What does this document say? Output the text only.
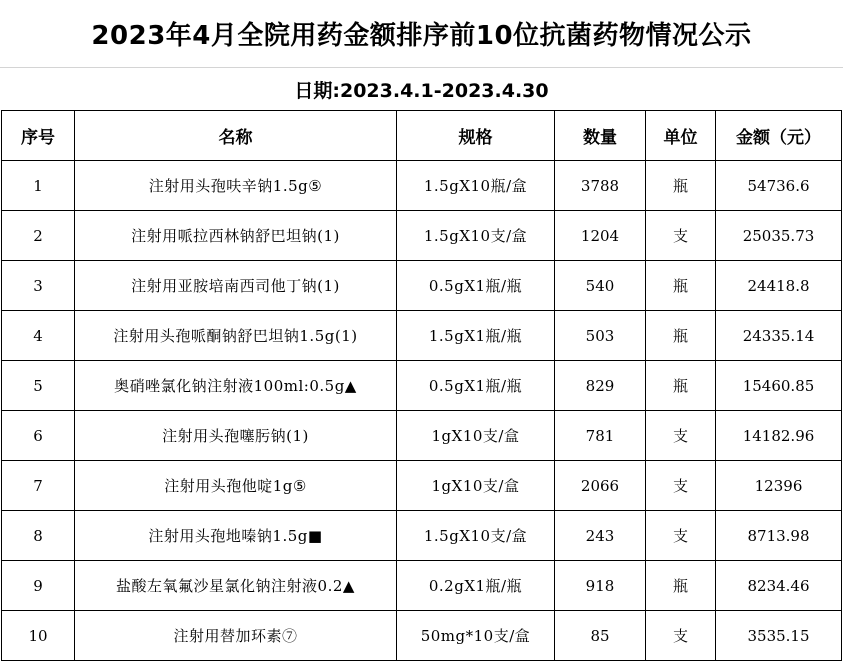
2023年4月全院用药金额排序前10位抗菌药物情况公示
日期:2023.4.1-2023.4.30
序号	名称	规格	数量	单位	金额（元）
1	注射用头孢呋辛钠1.5g⑤	1.5gX10瓶/盒	3788	瓶	54736.6
2	注射用哌拉西林钠舒巴坦钠(1)	1.5gX10支/盒	1204	支	25035.73
3	注射用亚胺培南西司他丁钠(1)	0.5gX1瓶/瓶	540	瓶	24418.8
4	注射用头孢哌酮钠舒巴坦钠1.5g(1)	1.5gX1瓶/瓶	503	瓶	24335.14
5	奥硝唑氯化钠注射液100ml:0.5g▲	0.5gX1瓶/瓶	829	瓶	15460.85
6	注射用头孢噻肟钠(1)	1gX10支/盒	781	支	14182.96
7	注射用头孢他啶1g⑤	1gX10支/盒	2066	支	12396
8	注射用头孢地嗪钠1.5g■	1.5gX10支/盒	243	支	8713.98
9	盐酸左氧氟沙星氯化钠注射液0.2▲	0.2gX1瓶/瓶	918	瓶	8234.46
10	注射用替加环素⑦	50mg*10支/盒	85	支	3535.15
